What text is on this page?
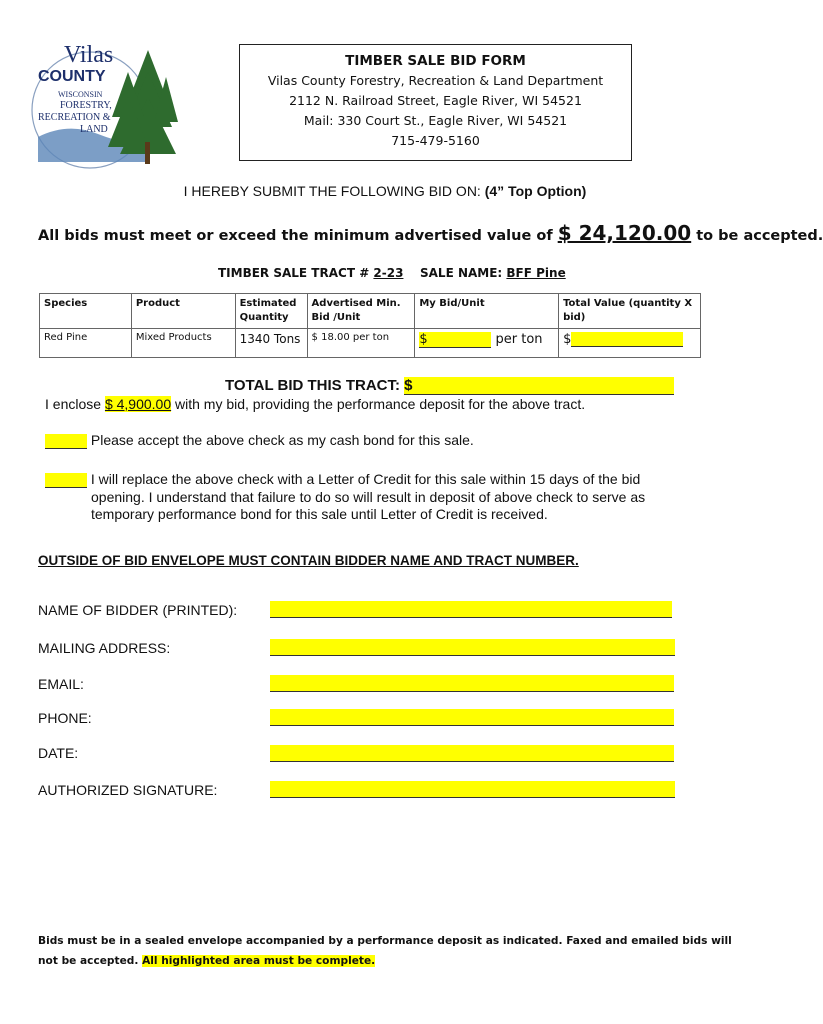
Vilas
COUNTY
WISCONSIN
FORESTRY,
RECREATION &
LAND
TIMBER SALE BID FORM
Vilas County Forestry, Recreation & Land Department
2112 N. Railroad Street, Eagle River, WI 54521
Mail: 330 Court St., Eagle River, WI 54521
715-479-5160
I HEREBY SUBMIT THE FOLLOWING BID ON: (4” Top Option)
All bids must meet or exceed the minimum advertised value of $ 24,120.00 to be accepted.
TIMBER SALE TRACT # 2-23 SALE NAME: BFF Pine
Species	Product	Estimated Quantity	Advertised Min. Bid /Unit	My Bid/Unit	Total Value (quantity X bid)
Red Pine	Mixed Products	1340 Tons	$ 18.00 per ton	$ per ton	$
TOTAL BID THIS TRACT: $
I enclose $ 4,900.00 with my bid, providing the performance deposit for the above tract.
Please accept the above check as my cash bond for this sale.
I will replace the above check with a Letter of Credit for this sale within 15 days of the bid
opening. I understand that failure to do so will result in deposit of above check to serve as
temporary performance bond for this sale until Letter of Credit is received.
OUTSIDE OF BID ENVELOPE MUST CONTAIN BIDDER NAME AND TRACT NUMBER.
NAME OF BIDDER (PRINTED):
MAILING ADDRESS:
EMAIL:
PHONE:
DATE:
AUTHORIZED SIGNATURE:
Bids must be in a sealed envelope accompanied by a performance deposit as indicated. Faxed and emailed bids will not be accepted. All highlighted area must be complete.
